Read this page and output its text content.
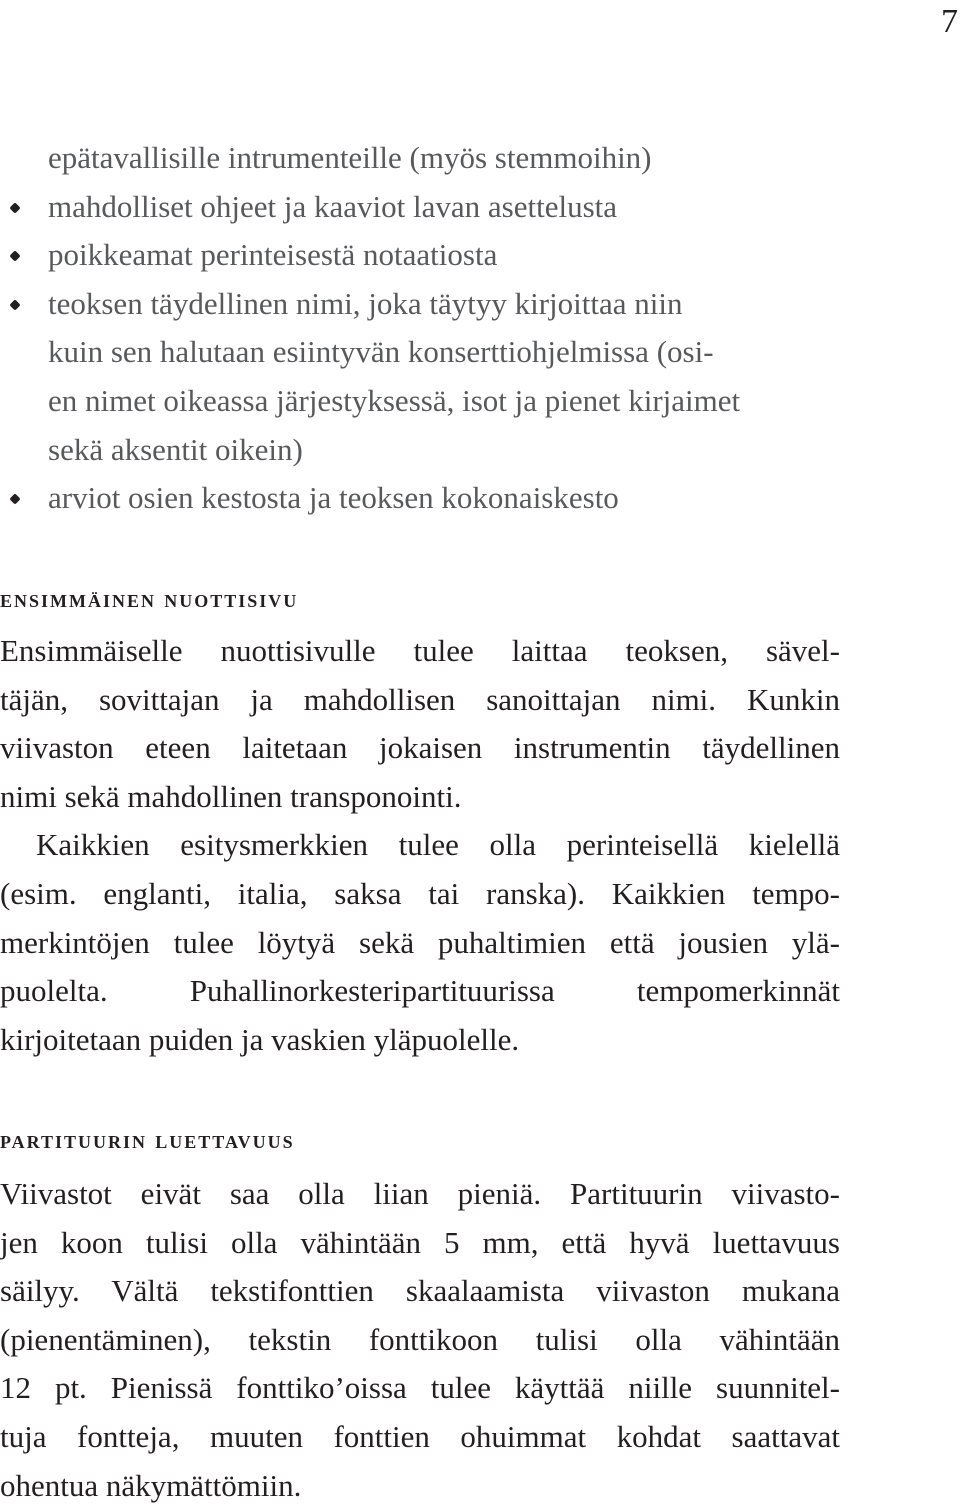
7
epätavallisille intrumenteille (myös stemmoihin)
mahdolliset ohjeet ja kaaviot lavan asettelusta
poikkeamat perinteisestä notaatiosta
teoksen täydellinen nimi, joka täytyy kirjoittaa niin
kuin sen halutaan esiintyvän konserttiohjelmissa (osi-
en nimet oikeassa järjestyksessä, isot ja pienet kirjaimet
sekä aksentit oikein)
arviot osien kestosta ja teoksen kokonaiskesto
ensimmäinen nuottisivu
Ensimmäiselle nuottisivulle tulee laittaa teoksen, sävel-
täjän, sovittajan ja mahdollisen sanoittajan nimi. Kunkin
viivaston eteen laitetaan jokaisen instrumentin täydellinen
nimi sekä mahdollinen transponointi.
Kaikkien esitysmerkkien tulee olla perinteisellä kielellä
(esim. englanti, italia, saksa tai ranska). Kaikkien tempo-
merkintöjen tulee löytyä sekä puhaltimien että jousien ylä-
puolelta. Puhallinorkesteripartituurissa tempomerkinnät
kirjoitetaan puiden ja vaskien yläpuolelle.
partituurin luettavuus
Viivastot eivät saa olla liian pieniä. Partituurin viivasto-
jen koon tulisi olla vähintään 5 mm, että hyvä luettavuus
säilyy. Vältä tekstifonttien skaalaamista viivaston mukana
(pienentäminen), tekstin fonttikoon tulisi olla vähintään
12 pt. Pienissä fonttiko’oissa tulee käyttää niille suunnitel-
tuja fontteja, muuten fonttien ohuimmat kohdat saattavat
ohentua näkymättömiin.
